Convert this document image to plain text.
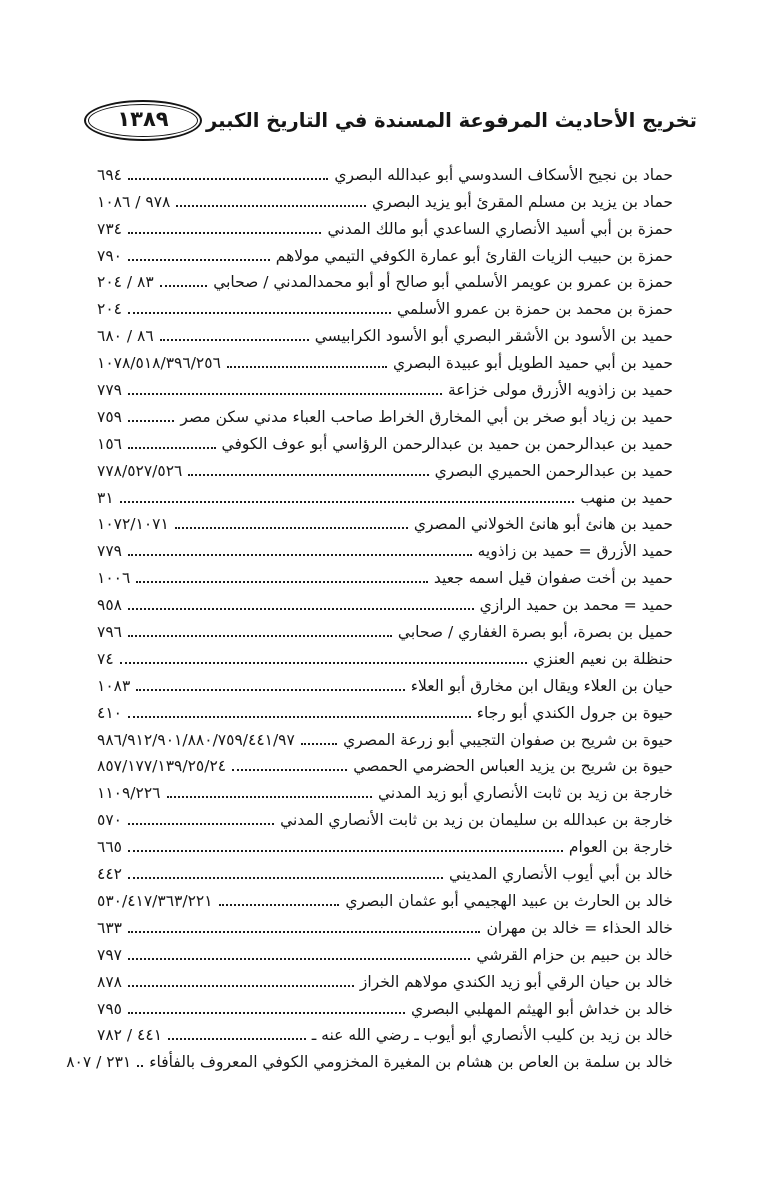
١٣٨٩ تخريج الأحاديث المرفوعة المسندة في التاريخ الكبير
حماد بن نجيح الأسكاف السدوسي أبو عبدالله البصري
٦٩٤
حماد بن يزيد بن مسلم المقرئ أبو يزيد البصري
١٠٨٦ / ٩٧٨
حمزة بن أبي أسيد الأنصاري الساعدي أبو مالك المدني
٧٣٤
حمزة بن حبيب الزيات القارئ أبو عمارة الكوفي التيمي مولاهم
٧٩٠
حمزة بن عمرو بن عويمر الأسلمي أبو صالح أو أبو محمدالمدني / صحابي
٢٠٤ / ٨٣
حمزة بن محمد بن حمزة بن عمرو الأسلمي
٢٠٤
حميد بن الأسود بن الأشقر البصري أبو الأسود الكرابيسي
٦٨٠ / ٨٦
حميد بن أبي حميد الطويل أبو عبيدة البصري
١٠٧٨/٥١٨/٣٩٦/٢٥٦
حميد بن زاذويه الأزرق مولى خزاعة
٧٧٩
حميد بن زياد أبو صخر بن أبي المخارق الخراط صاحب العباء مدني سكن مصر
٧٥٩
حميد بن عبدالرحمن بن حميد بن عبدالرحمن الرؤاسي أبو عوف الكوفي
١٥٦
حميد بن عبدالرحمن الحميري البصري
٧٧٨/٥٢٧/٥٢٦
حميد بن منهب
٣١
حميد بن هانئ أبو هانئ الخولاني المصري
١٠٧٢/١٠٧١
حميد الأزرق = حميد بن زاذويه
٧٧٩
حميد بن أخت صفوان قيل اسمه جعيد
١٠٠٦
حميد = محمد بن حميد الرازي
٩٥٨
حميل بن بصرة، أبو بصرة الغفاري / صحابي
٧٩٦
حنظلة بن نعيم العنزي
٧٤
حيان بن العلاء ويقال ابن مخارق أبو العلاء
١٠٨٣
حيوة بن جرول الكندي أبو رجاء
٤١٠
حيوة بن شريح بن صفوان التجيبي أبو زرعة المصري
٩٨٦/٩١٢/٩٠١/٨٨٠/٧٥٩/٤٤١/٩٧
حيوة بن شريح بن يزيد العباس الحضرمي الحمصي
٨٥٧/١٧٧/١٣٩/٢٥/٢٤
خارجة بن زيد بن ثابت الأنصاري أبو زيد المدني
١١٠٩/٢٢٦
خارجة بن عبدالله بن سليمان بن زيد بن ثابت الأنصاري المدني
٥٧٠
خارجة بن العوام
٦٦٥
خالد بن أبي أيوب الأنصاري المديني
٤٤٢
خالد بن الحارث بن عبيد الهجيمي أبو عثمان البصري
٥٣٠/٤١٧/٣٦٣/٢٢١
خالد الحذاء = خالد بن مهران
٦٣٣
خالد بن حبيم بن حزام القرشي
٧٩٧
خالد بن حيان الرقي أبو زيد الكندي مولاهم الخراز
٨٧٨
خالد بن خداش أبو الهيثم المهلبي البصري
٧٩٥
خالد بن زيد بن كليب الأنصاري أبو أيوب ـ رضي الله عنه ـ
٧٨٢ / ٤٤١
خالد بن سلمة بن العاص بن هشام بن المغيرة المخزومي الكوفي المعروف بالفأفاء
٨٠٧ / ٢٣١
